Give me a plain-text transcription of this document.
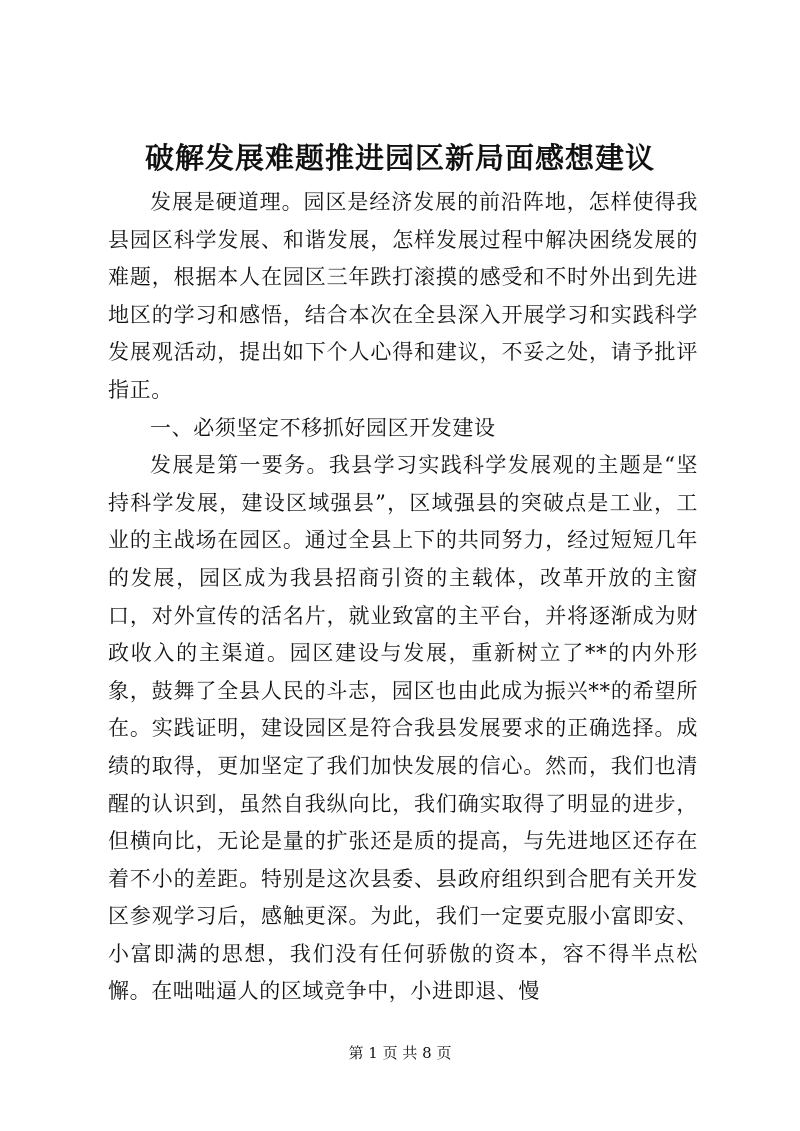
破解发展难题推进园区新局面感想建议

发展是硬道理。园区是经济发展的前沿阵地，怎样使得我县园区科学发展、和谐发展，怎样发展过程中解决困绕发展的难题，根据本人在园区三年跌打滚摸的感受和不时外出到先进地区的学习和感悟，结合本次在全县深入开展学习和实践科学发展观活动，提出如下个人心得和建议，不妥之处，请予批评指正。

一、必须坚定不移抓好园区开发建设

发展是第一要务。我县学习实践科学发展观的主题是“坚持科学发展，建设区域强县”，区域强县的突破点是工业，工业的主战场在园区。通过全县上下的共同努力，经过短短几年的发展，园区成为我县招商引资的主载体，改革开放的主窗口，对外宣传的活名片，就业致富的主平台，并将逐渐成为财政收入的主渠道。园区建设与发展，重新树立了**的内外形象，鼓舞了全县人民的斗志，园区也由此成为振兴**的希望所在。实践证明，建设园区是符合我县发展要求的正确选择。成绩的取得，更加坚定了我们加快发展的信心。然而，我们也清醒的认识到，虽然自我纵向比，我们确实取得了明显的进步，但横向比，无论是量的扩张还是质的提高，与先进地区还存在着不小的差距。特别是这次县委、县政府组织到合肥有关开发区参观学习后，感触更深。为此，我们一定要克服小富即安、小富即满的思想，我们没有任何骄傲的资本，容不得半点松懈。在咄咄逼人的区域竞争中，小进即退、慢

第 1 页 共 8 页
